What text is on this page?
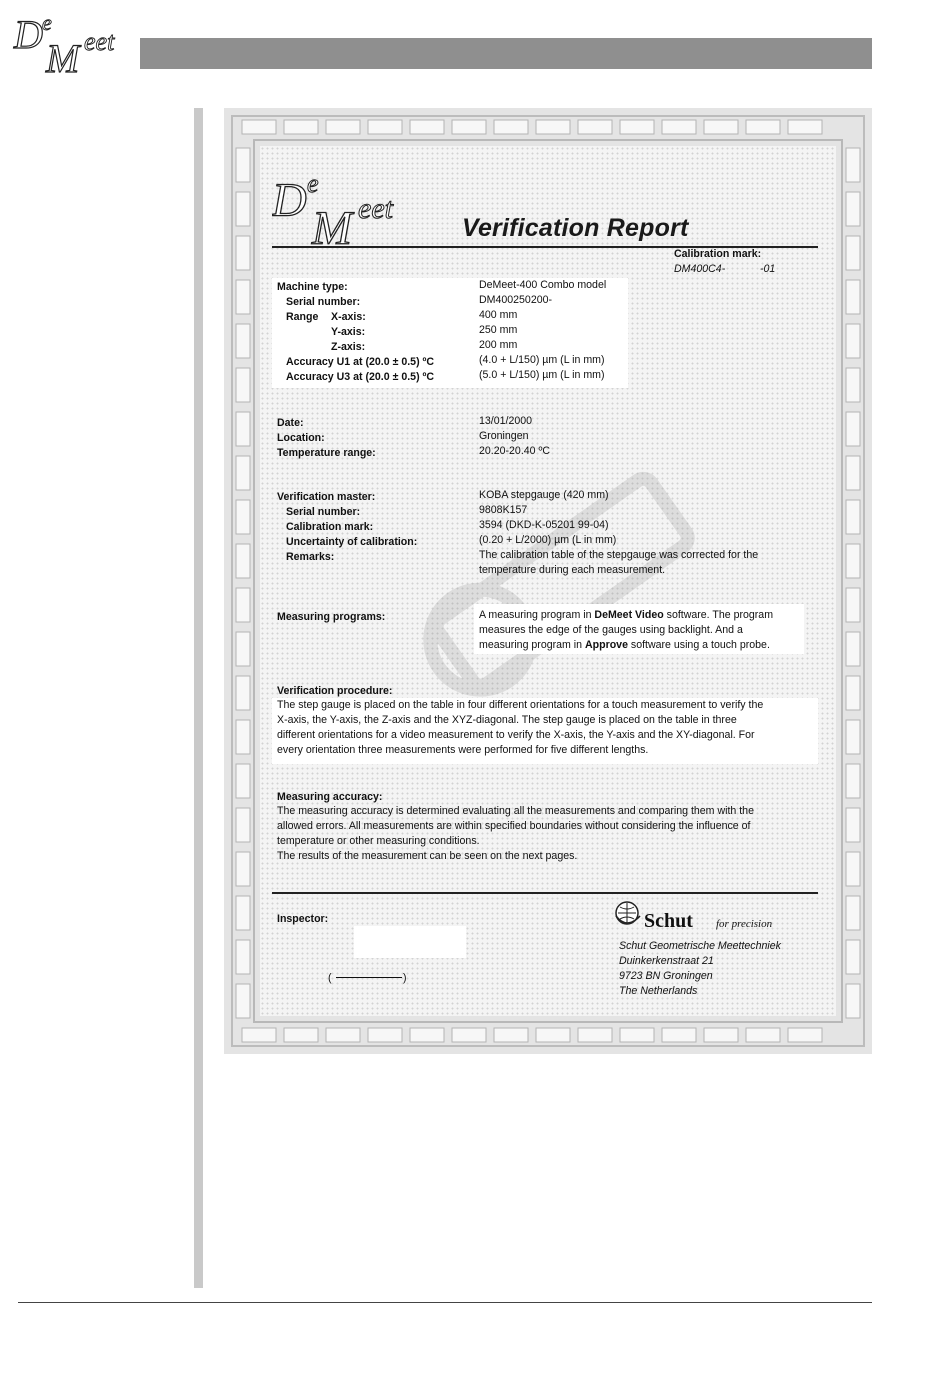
D e
M eet
D e
M eet
Verification Report
Calibration mark:
DM400C4-	-01
Machine type:	DeMeet-400 Combo model
Serial number:	DM400250200-
Range X-axis:	400 mm
Y-axis:	250 mm
Z-axis:	200 mm
Accuracy U1 at (20.0 ± 0.5) ºC	(4.0 + L/150) µm (L in mm)
Accuracy U3 at (20.0 ± 0.5) ºC	(5.0 + L/150) µm (L in mm)
Date:	13/01/2000
Location:	Groningen
Temperature range:	20.20-20.40 ºC
Verification master:	KOBA stepgauge (420 mm)
Serial number:	9808K157
Calibration mark:	3594 (DKD-K-05201 99-04)
Uncertainty of calibration:	(0.20 + L/2000) µm (L in mm)
Remarks:	The calibration table of the stepgauge was corrected for the
temperature during each measurement.
Measuring programs:	A measuring program in DeMeet Video software. The program
measures the edge of the gauges using backlight. And a
measuring program in Approve software using a touch probe.
Verification procedure:
The step gauge is placed on the table in four different orientations for a touch measurement to verify the
X-axis, the Y-axis, the Z-axis and the XYZ-diagonal. The step gauge is placed on the table in three
different orientations for a video measurement to verify the X-axis, the Y-axis and the XY-diagonal. For
every orientation three measurements were performed for five different lengths.
Measuring accuracy:
The measuring accuracy is determined evaluating all the measurements and comparing them with the
allowed errors. All measurements are within specified boundaries without considering the influence of
temperature or other measuring conditions.
The results of the measurement can be seen on the next pages.
Inspector:
(	)
Schut for precision
Schut Geometrische Meettechniek
Duinkerkenstraat 21
9723 BN Groningen
The Netherlands
